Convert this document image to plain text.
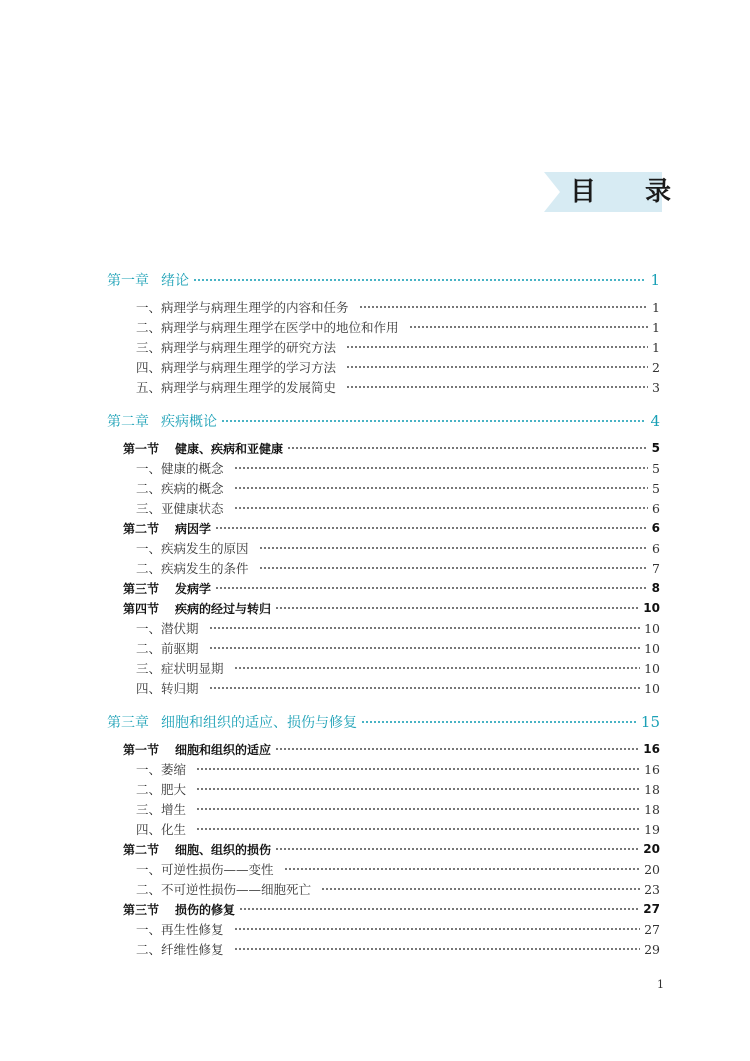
目 录
第一章 绪论	1
一、病理学与病理生理学的内容和任务	1
二、病理学与病理生理学在医学中的地位和作用	1
三、病理学与病理生理学的研究方法	1
四、病理学与病理生理学的学习方法	2
五、病理学与病理生理学的发展简史	3
第二章 疾病概论	4
第一节 健康、疾病和亚健康	5
一、健康的概念	5
二、疾病的概念	5
三、亚健康状态	6
第二节 病因学	6
一、疾病发生的原因	6
二、疾病发生的条件	7
第三节 发病学	8
第四节 疾病的经过与转归	10
一、潜伏期	10
二、前驱期	10
三、症状明显期	10
四、转归期	10
第三章 细胞和组织的适应、损伤与修复	15
第一节 细胞和组织的适应	16
一、萎缩	16
二、肥大	18
三、增生	18
四、化生	19
第二节 细胞、组织的损伤	20
一、可逆性损伤——变性	20
二、不可逆性损伤——细胞死亡	23
第三节 损伤的修复	27
一、再生性修复	27
二、纤维性修复	29
1
